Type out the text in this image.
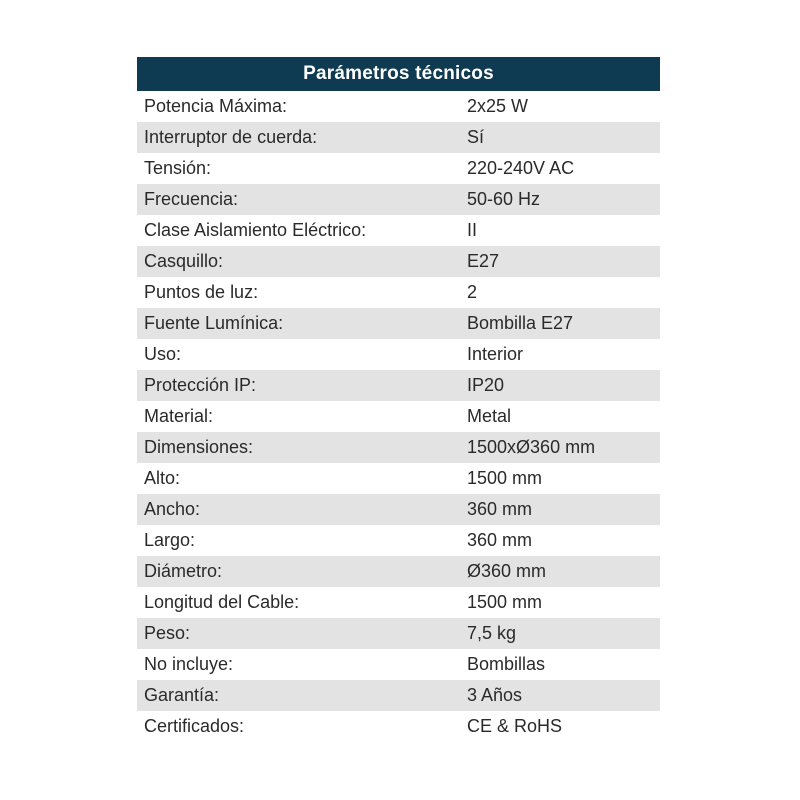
Parámetros técnicos
Potencia Máxima:	2x25 W
Interruptor de cuerda:	Sí
Tensión:	220-240V AC
Frecuencia:	50-60 Hz
Clase Aislamiento Eléctrico:	II
Casquillo:	E27
Puntos de luz:	2
Fuente Lumínica:	Bombilla E27
Uso:	Interior
Protección IP:	IP20
Material:	Metal
Dimensiones:	1500xØ360 mm
Alto:	1500 mm
Ancho:	360 mm
Largo:	360 mm
Diámetro:	Ø360 mm
Longitud del Cable:	1500 mm
Peso:	7,5 kg
No incluye:	Bombillas
Garantía:	3 Años
Certificados:	CE & RoHS
